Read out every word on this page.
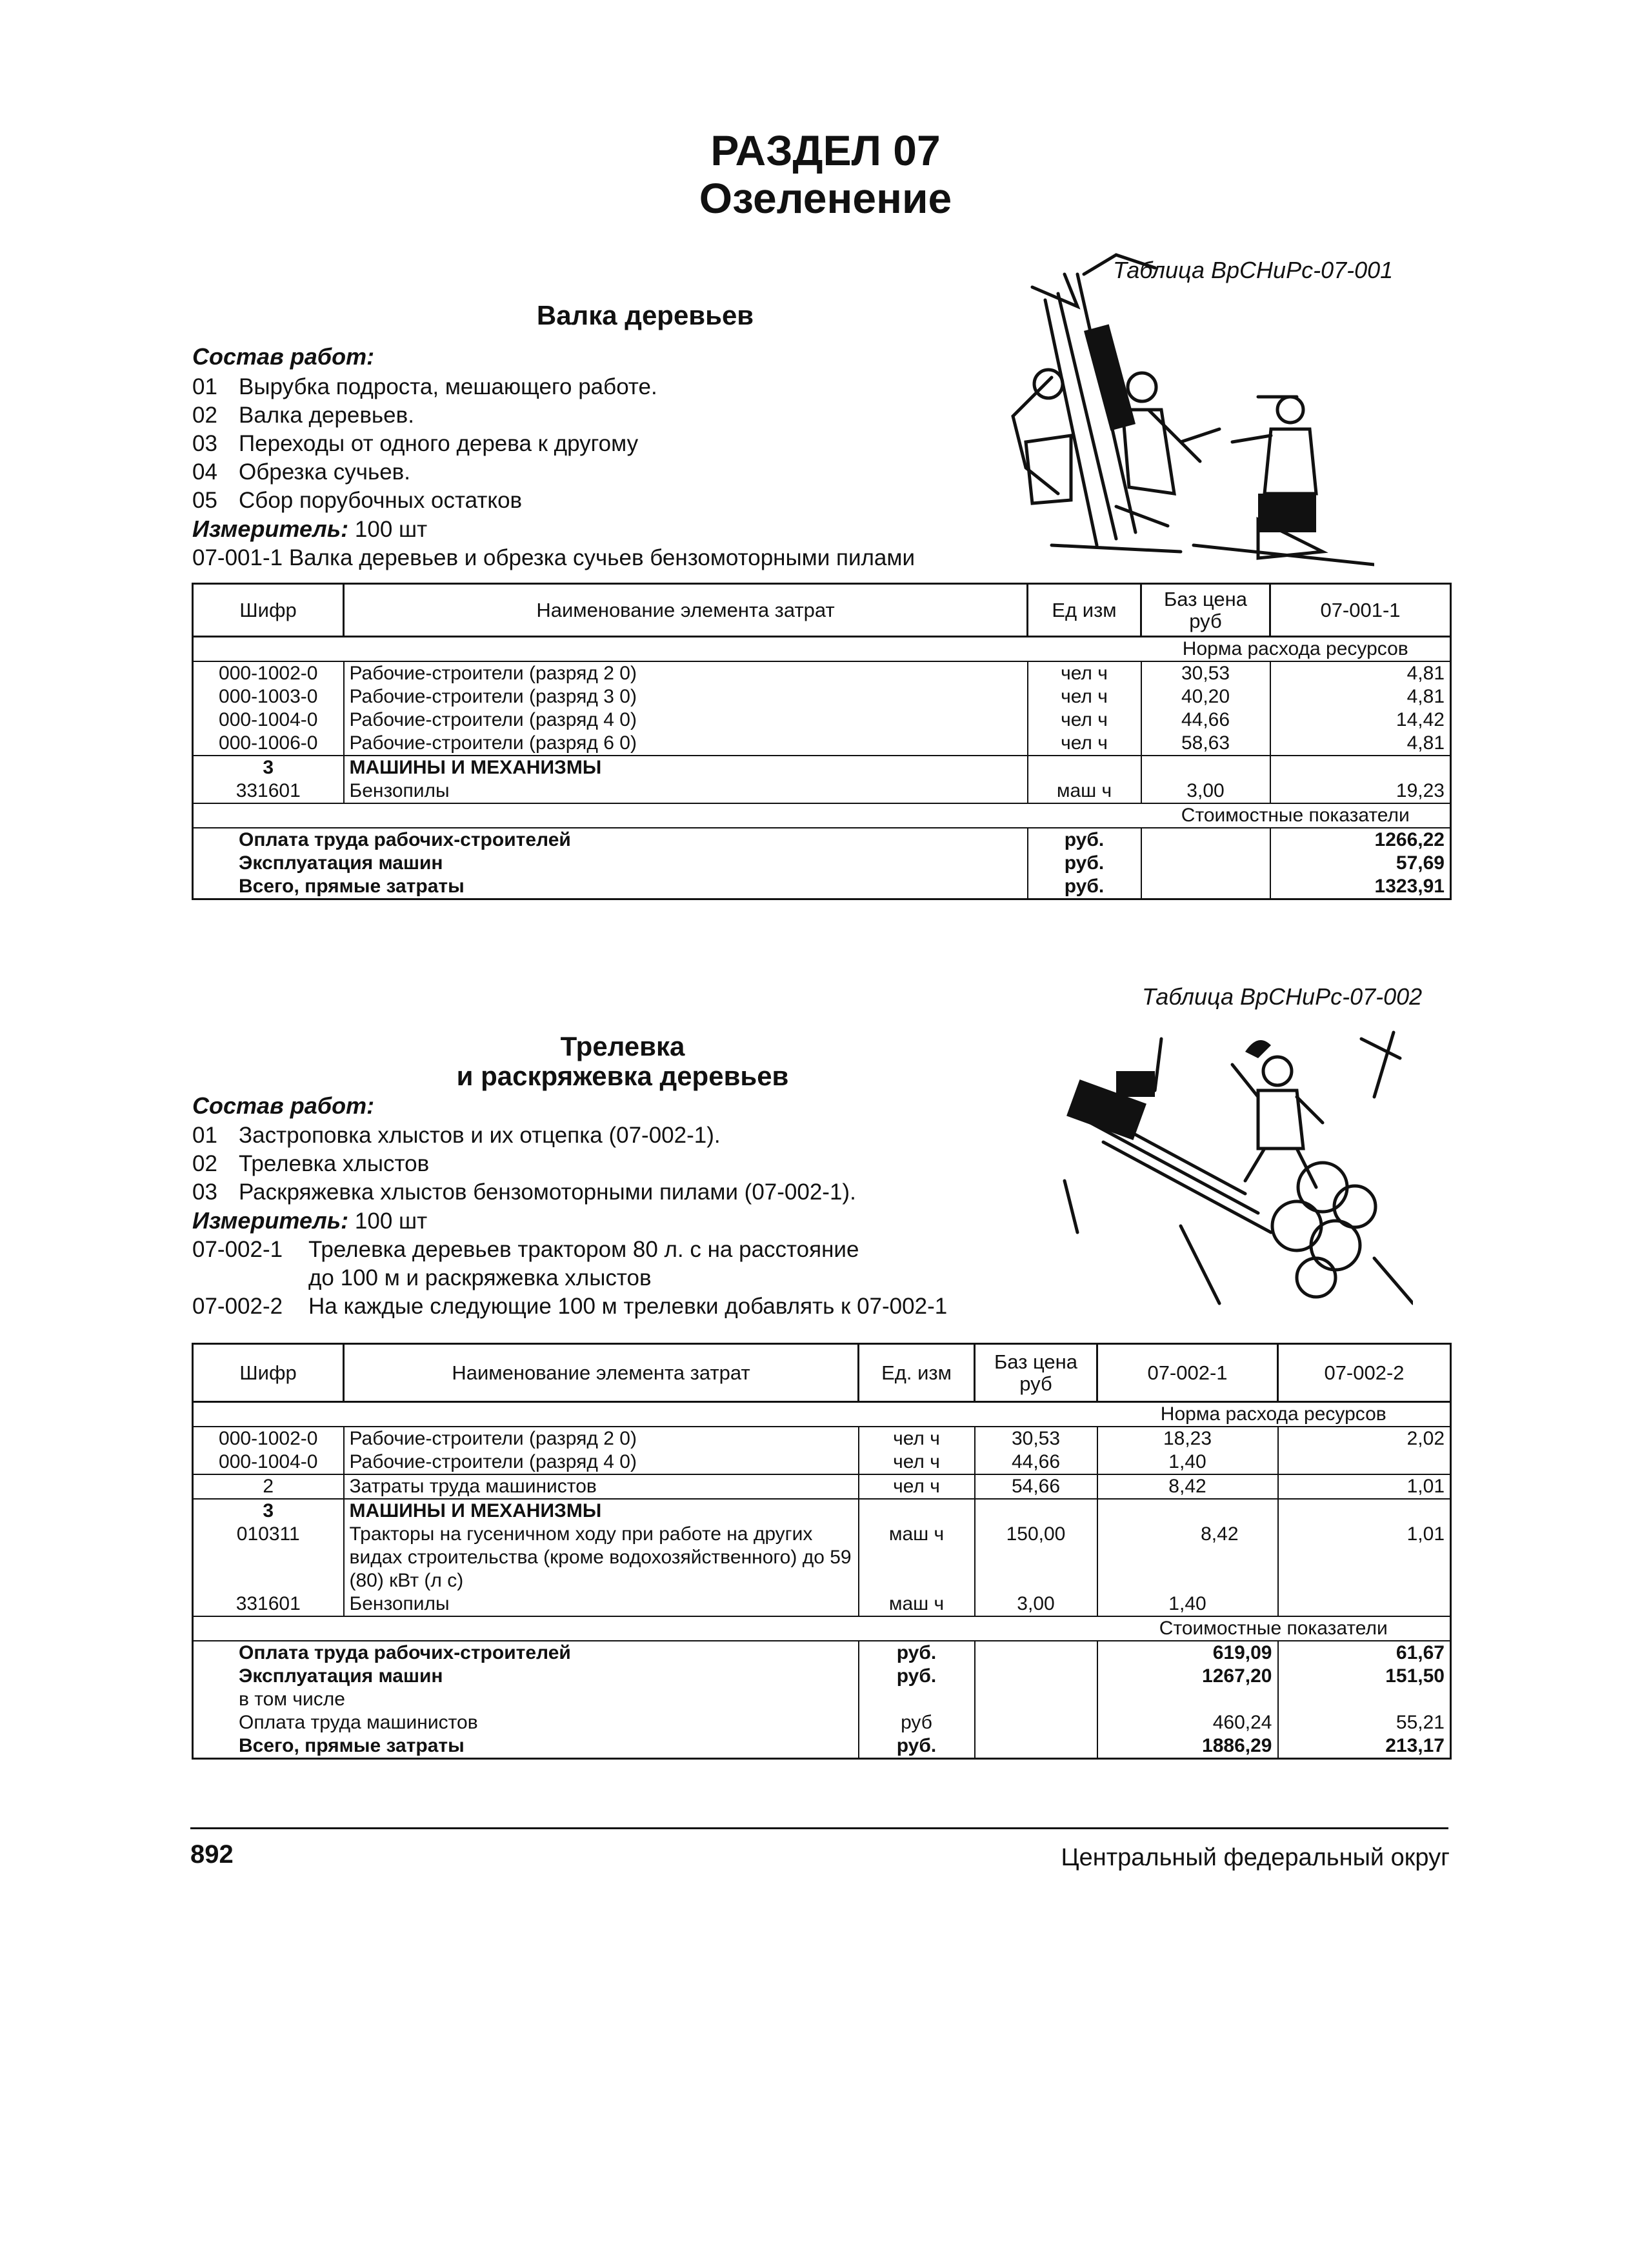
РАЗДЕЛ 07
Озеленение
Таблица ВрСНиРс-07-001
Валка деревьев
Состав работ:
01 Вырубка подроста, мешающего работе.
02 Валка деревьев.
03 Переходы от одного дерева к другому
04 Обрезка сучьев.
05 Сбор порубочных остатков
Измеритель: 100 шт
07-001-1 Валка деревьев и обрезка сучьев бензомоторными пилами
Шифр	Наименование элемента затрат	Ед изм	Баз цена руб	07-001-1
			Норма расхода ресурсов	
000-1002-0	Рабочие-строители (разряд 2 0)	чел ч	30,53	4,81
000-1003-0	Рабочие-строители (разряд 3 0)	чел ч	40,20	4,81
000-1004-0	Рабочие-строители (разряд 4 0)	чел ч	44,66	14,42
000-1006-0	Рабочие-строители (разряд 6 0)	чел ч	58,63	4,81
3	МАШИНЫ И МЕХАНИЗМЫ			
331601	Бензопилы	маш ч	3,00	19,23
			Стоимостные показатели	
Оплата труда рабочих-строителей		руб.		1266,22
Эксплуатация машин		руб.		57,69
Всего, прямые затраты		руб.		1323,91
Таблица ВрСНиРс-07-002
Трелевка
и раскряжевка деревьев
Состав работ:
01 Застроповка хлыстов и их отцепка (07-002-1).
02 Трелевка хлыстов
03 Раскряжевка хлыстов бензомоторными пилами (07-002-1).
Измеритель: 100 шт
07-002-1 Трелевка деревьев трактором 80 л. с на расстояние
до 100 м и раскряжевка хлыстов
07-002-2 На каждые следующие 100 м трелевки добавлять к 07-002-1
Шифр	Наименование элемента затрат	Ед. изм	Баз цена руб	07-002-1	07-002-2
				Норма расхода ресурсов	
000-1002-0	Рабочие-строители (разряд 2 0)	чел ч	30,53	18,23	2,02
000-1004-0	Рабочие-строители (разряд 4 0)	чел ч	44,66	1,40	
2	Затраты труда машинистов	чел ч	54,66	8,42	1,01
3	МАШИНЫ И МЕХАНИЗМЫ				
010311	Тракторы на гусеничном ходу при работе на других видах строительства (кроме водохозяйственного) до 59 (80) кВт (л с)	маш ч	150,00	8,42	1,01
331601	Бензопилы	маш ч	3,00	1,40	
				Стоимостные показатели	
Оплата труда рабочих-строителей		руб.		619,09	61,67
Эксплуатация машин		руб.		1267,20	151,50
в том числе					
Оплата труда машинистов		руб		460,24	55,21
Всего, прямые затраты		руб.		1886,29	213,17
892	Центральный федеральный округ
